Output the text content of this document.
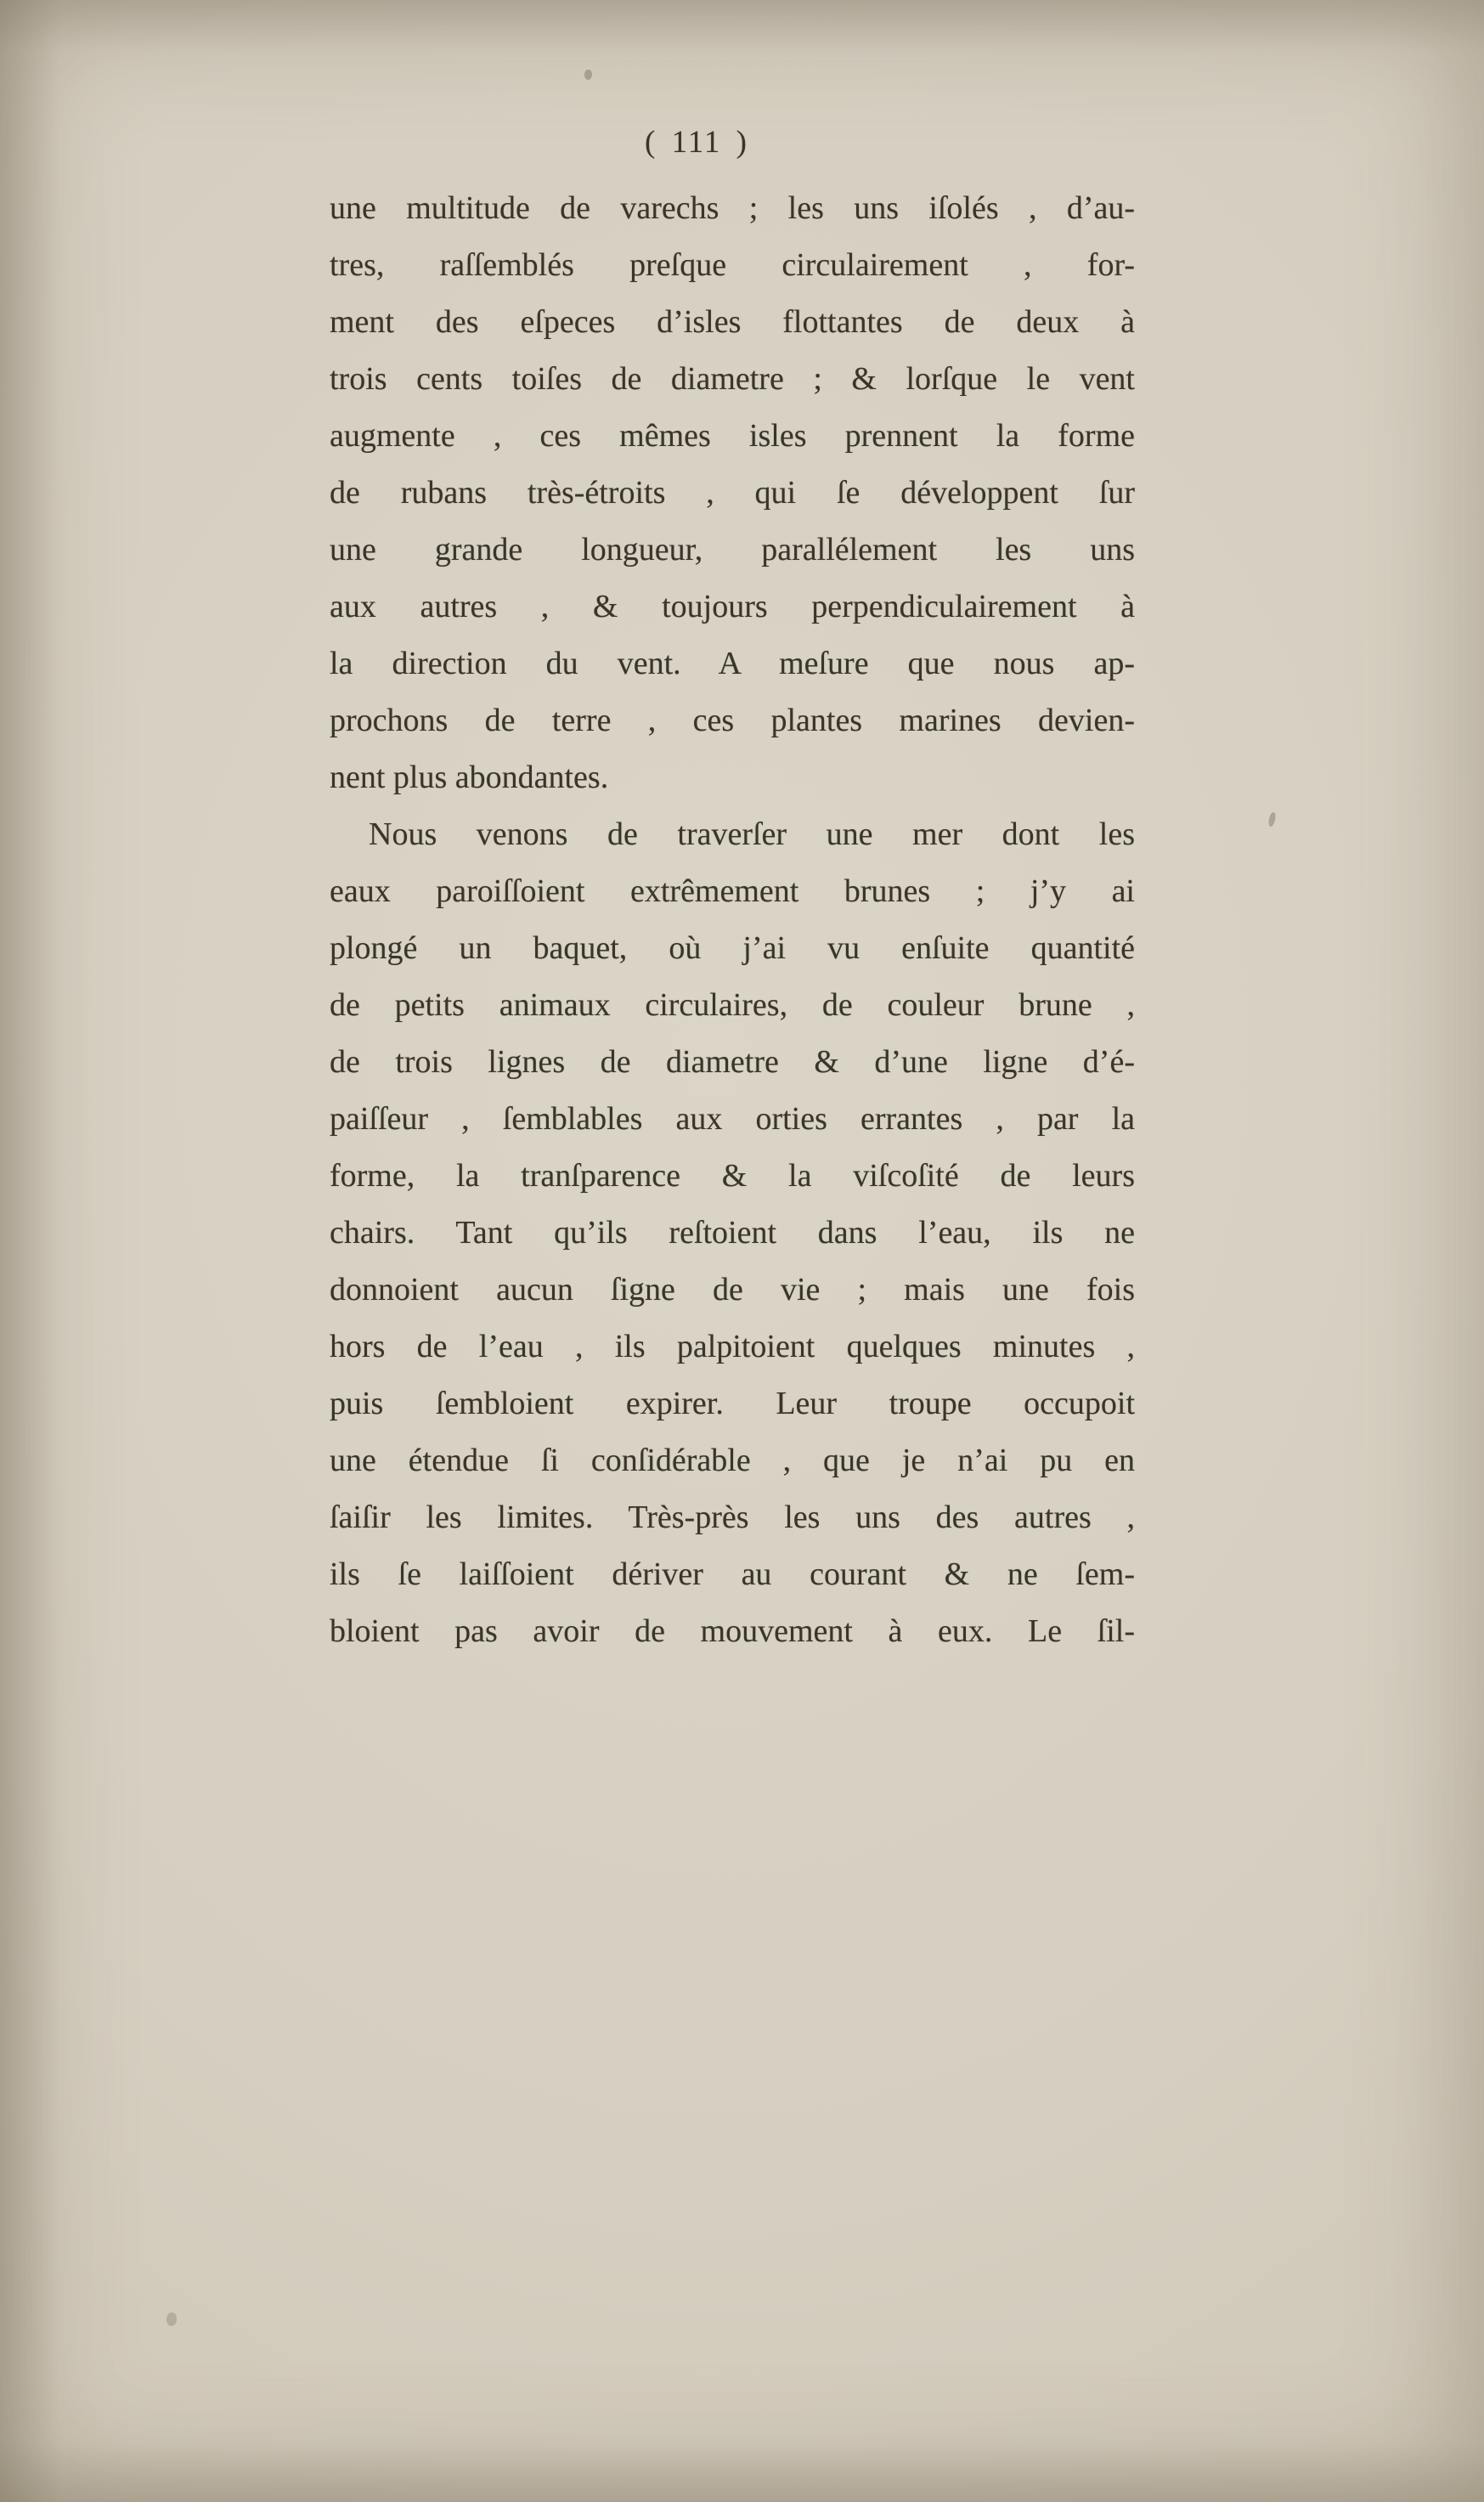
( 111 )
une multitude de varechs ; les uns iſolés , d’au-
tres, raſſemblés preſque circulairement , for-
ment des eſpeces d’isles flottantes de deux à
trois cents toiſes de diametre ; & lorſque le vent
augmente , ces mêmes isles prennent la forme
de rubans très-étroits , qui ſe développent ſur
une grande longueur, parallélement les uns
aux autres , & toujours perpendiculairement à
la direction du vent. A meſure que nous ap-
prochons de terre , ces plantes marines devien-
nent plus abondantes.
Nous venons de traverſer une mer dont les
eaux paroiſſoient extrêmement brunes ; j’y ai
plongé un baquet, où j’ai vu enſuite quantité
de petits animaux circulaires, de couleur brune ,
de trois lignes de diametre & d’une ligne d’é-
paiſſeur , ſemblables aux orties errantes , par la
forme, la tranſparence & la viſcoſité de leurs
chairs. Tant qu’ils reſtoient dans l’eau, ils ne
donnoient aucun ſigne de vie ; mais une fois
hors de l’eau , ils palpitoient quelques minutes ,
puis ſembloient expirer. Leur troupe occupoit
une étendue ſi conſidérable , que je n’ai pu en
ſaiſir les limites. Très-près les uns des autres ,
ils ſe laiſſoient dériver au courant & ne ſem-
bloient pas avoir de mouvement à eux. Le ſil-
